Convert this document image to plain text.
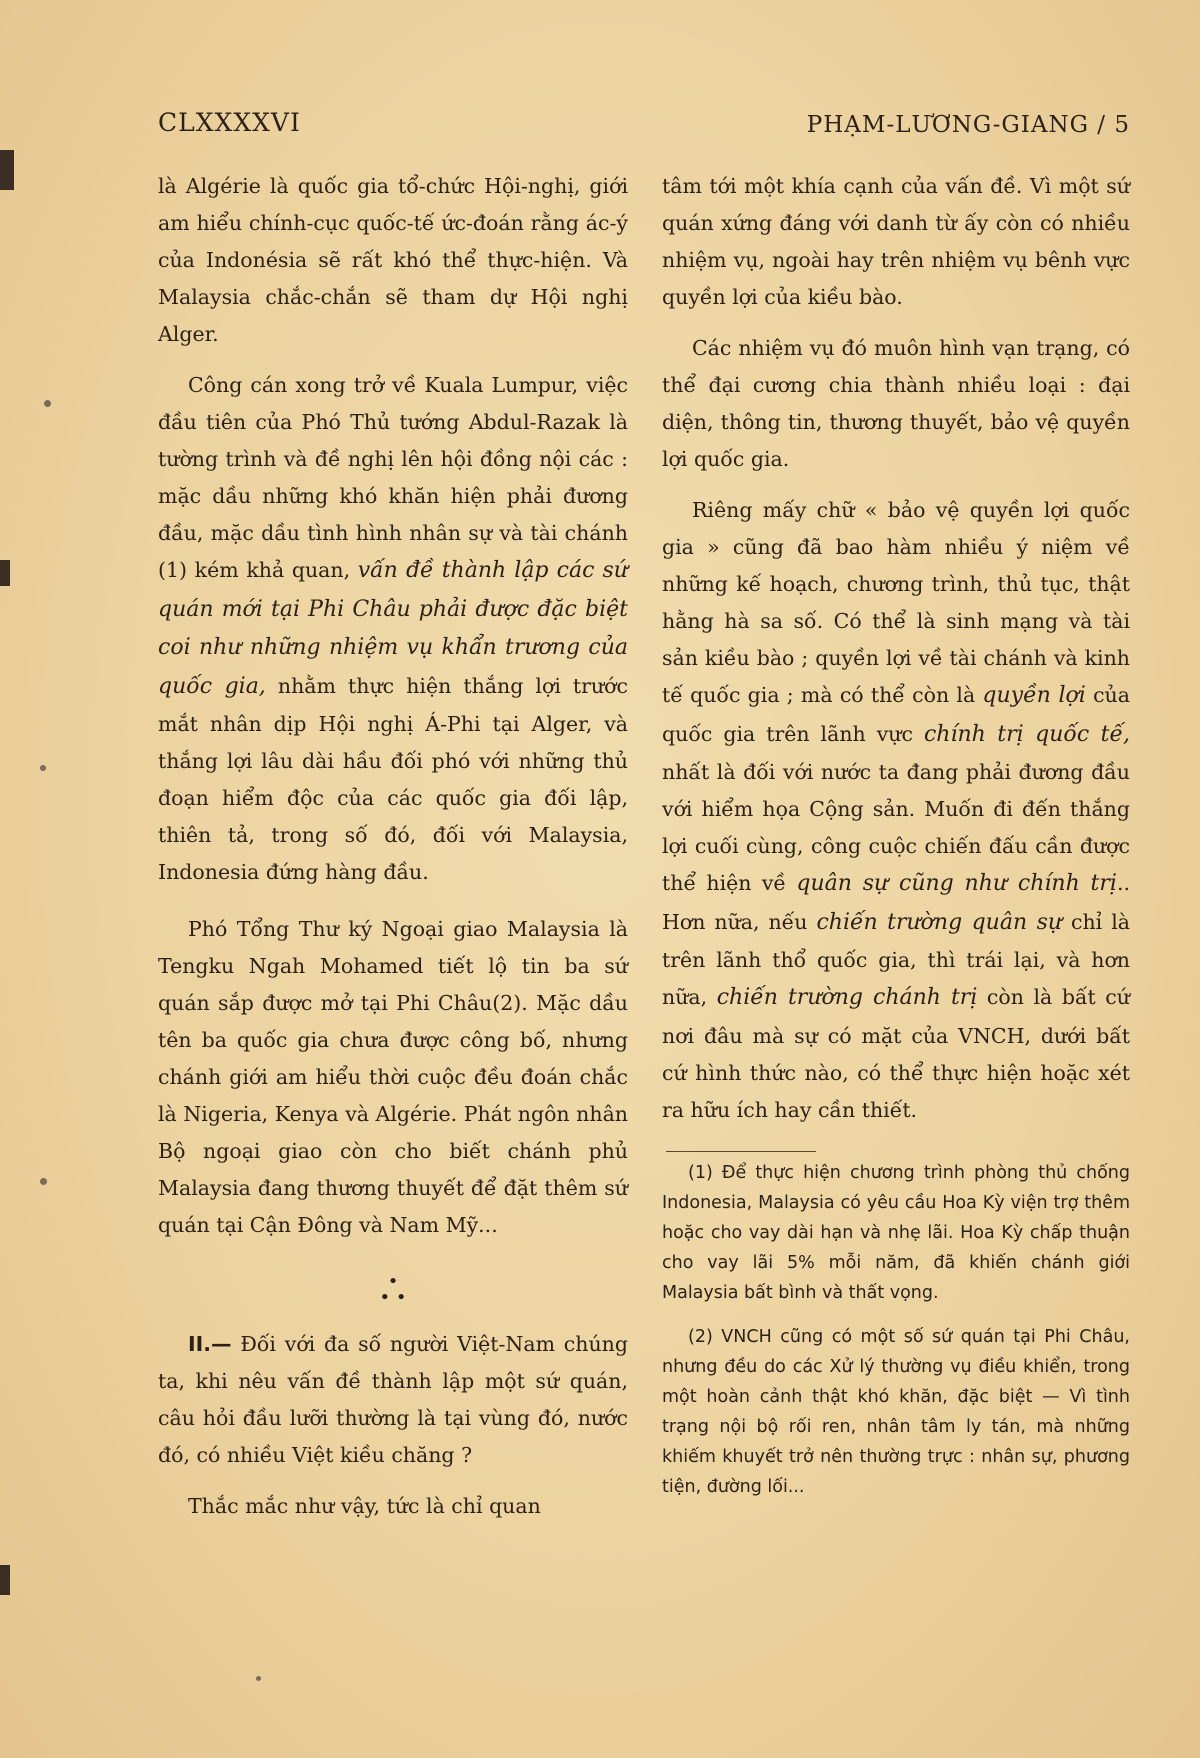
CLXXXXVI	PHẠM-LƯƠNG-GIANG / 5

là Algérie là quốc gia tổ-chức Hội-nghị, giới am hiểu chính-cục quốc-tế ức-đoán rằng ác-ý của Indonésia sẽ rất khó thể thực-hiện. Và Malaysia chắc-chắn sẽ tham dự Hội nghị Alger.

Công cán xong trở về Kuala Lumpur, việc đầu tiên của Phó Thủ tướng Abdul-Razak là tường trình và đề nghị lên hội đồng nội các : mặc dầu những khó khăn hiện phải đương đầu, mặc dầu tình hình nhân sự và tài chánh (1) kém khả quan, vấn đề thành lập các sứ quán mới tại Phi Châu phải được đặc biệt coi như những nhiệm vụ khẩn trương của quốc gia, nhằm thực hiện thắng lợi trước mắt nhân dịp Hội nghị Á-Phi tại Alger, và thắng lợi lâu dài hầu đối phó với những thủ đoạn hiểm độc của các quốc gia đối lập, thiên tả, trong số đó, đối với Malaysia, Indonesia đứng hàng đầu.

Phó Tổng Thư ký Ngoại giao Malaysia là Tengku Ngah Mohamed tiết lộ tin ba sứ quán sắp được mở tại Phi Châu(2). Mặc dầu tên ba quốc gia chưa được công bố, nhưng chánh giới am hiểu thời cuộc đều đoán chắc là Nigeria, Kenya và Algérie. Phát ngôn nhân Bộ ngoại giao còn cho biết chánh phủ Malaysia đang thương thuyết để đặt thêm sứ quán tại Cận Đông và Nam Mỹ...

•
• •

II.— Đối với đa số người Việt-Nam chúng ta, khi nêu vấn đề thành lập một sứ quán, câu hỏi đầu lưỡi thường là tại vùng đó, nước đó, có nhiều Việt kiều chăng ?

Thắc mắc như vậy, tức là chỉ quan

tâm tới một khía cạnh của vấn đề. Vì một sứ quán xứng đáng với danh từ ấy còn có nhiều nhiệm vụ, ngoài hay trên nhiệm vụ bênh vực quyền lợi của kiều bào.

Các nhiệm vụ đó muôn hình vạn trạng, có thể đại cương chia thành nhiều loại : đại diện, thông tin, thương thuyết, bảo vệ quyền lợi quốc gia.

Riêng mấy chữ « bảo vệ quyền lợi quốc gia » cũng đã bao hàm nhiều ý niệm về những kế hoạch, chương trình, thủ tục, thật hằng hà sa số. Có thể là sinh mạng và tài sản kiều bào ; quyền lợi về tài chánh và kinh tế quốc gia ; mà có thể còn là quyền lợi của quốc gia trên lãnh vực chính trị quốc tế, nhất là đối với nước ta đang phải đương đầu với hiểm họa Cộng sản. Muốn đi đến thắng lợi cuối cùng, công cuộc chiến đấu cần được thể hiện về quân sự cũng như chính trị.. Hơn nữa, nếu chiến trường quân sự chỉ là trên lãnh thổ quốc gia, thì trái lại, và hơn nữa, chiến trường chánh trị còn là bất cứ nơi đâu mà sự có mặt của VNCH, dưới bất cứ hình thức nào, có thể thực hiện hoặc xét ra hữu ích hay cần thiết.

(1) Để thực hiện chương trình phòng thủ chống Indonesia, Malaysia có yêu cầu Hoa Kỳ viện trợ thêm hoặc cho vay dài hạn và nhẹ lãi. Hoa Kỳ chấp thuận cho vay lãi 5% mỗi năm, đã khiến chánh giới Malaysia bất bình và thất vọng.

(2) VNCH cũng có một số sứ quán tại Phi Châu, nhưng đều do các Xử lý thường vụ điều khiển, trong một hoàn cảnh thật khó khăn, đặc biệt — Vì tình trạng nội bộ rối ren, nhân tâm ly tán, mà những khiếm khuyết trở nên thường trực : nhân sự, phương tiện, đường lối...
